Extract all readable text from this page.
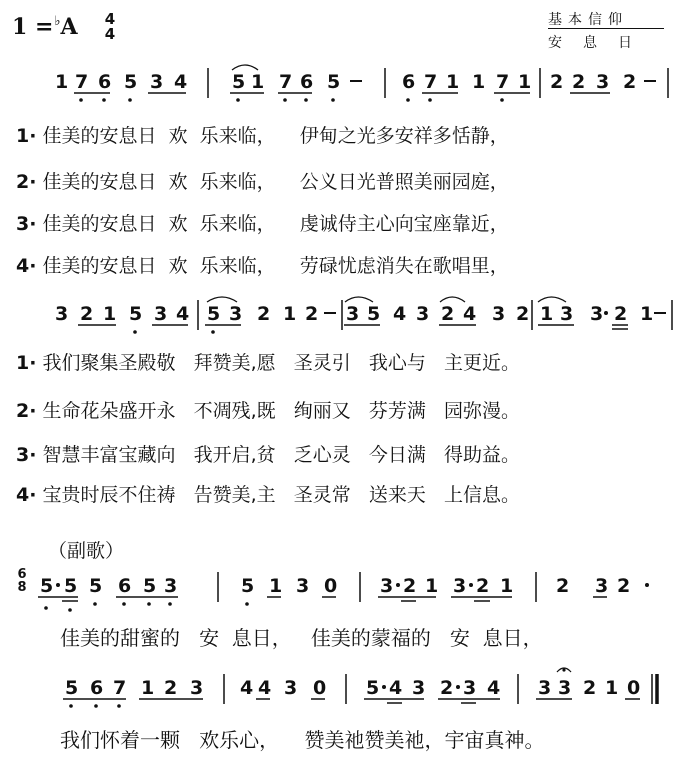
1 =♭A 4
4
基本信仰
安息日
1 7 6 5 3 4 5 1 7 6 5	6 7 1 1 7 1 2 2 3 2
1· 佳美的安息日  欢  乐来临，    伊甸之光多安祥多恬静，
2· 佳美的安息日  欢  乐来临，    公义日光普照美丽园庭，
3· 佳美的安息日  欢  乐来临，    虔诚侍主心向宝座靠近，
4· 佳美的安息日  欢  乐来临，    劳碌忧虑消失在歌唱里，
3 2 1 5 3 4 5 3 2 1 2 3 5 4 3 2 4 3 2 1 3 3 2 1
1· 我们聚集圣殿敬   拜赞美,愿   圣灵引   我心与   主更近。
2· 生命花朵盛开永   不凋残,既   绚丽又   芬芳满   园弥漫。
3· 智慧丰富宝藏向   我开启,贫   乏心灵   今日满   得助益。
4· 宝贵时辰不住祷   告赞美,主   圣灵常   送来天   上信息。
（副歌）
6
8 5 5 5 6 5 3	5 1 3 0 3 2 1 3 2 1 2 3 2
佳美的甜蜜的   安  息日，   佳美的蒙福的   安  息日，
5 6 7 1 2 3 4 4 3 0 5 4 3 2 3 4 3 3 2 1 0
我们怀着一颗   欢乐心，    赞美祂赞美祂，宇宙真神。
